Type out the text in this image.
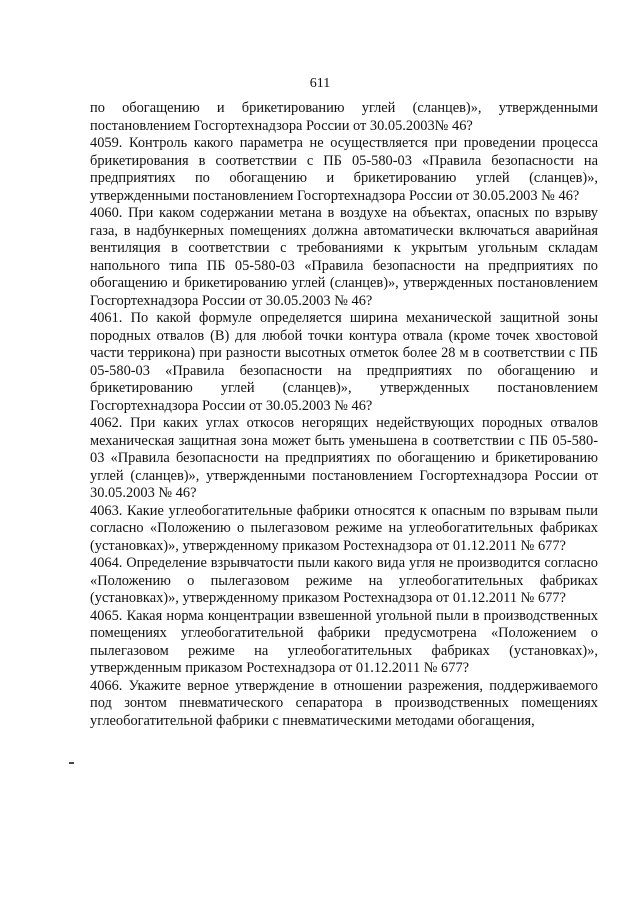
611

по обогащению и брикетированию углей (сланцев)», утвержденными постановлением Госгортехнадзора России от 30.05.2003№ 46?

4059. Контроль какого параметра не осуществляется при проведении процесса брикетирования в соответствии с ПБ 05-580-03 «Правила безопасности на предприятиях по обогащению и брикетированию углей (сланцев)», утвержденными постановлением Госгортехнадзора России от 30.05.2003 № 46?

4060. При каком содержании метана в воздухе на объектах, опасных по взрыву газа, в надбункерных помещениях должна автоматически включаться аварийная вентиляция в соответствии с требованиями к укрытым угольным складам напольного типа ПБ 05-580-03 «Правила безопасности на предприятиях по обогащению и брикетированию углей (сланцев)», утвержденных постановлением Госгортехнадзора России от 30.05.2003 № 46?

4061. По какой формуле определяется ширина механической защитной зоны породных отвалов (В) для любой точки контура отвала (кроме точек хвостовой части терриконa) при разности высотных отметок более 28 м в соответствии с ПБ 05-580-03 «Правила безопасности на предприятиях по обогащению и брикетированию углей (сланцев)», утвержденных постановлением Госгортехнадзора России от 30.05.2003 № 46?

4062. При каких углах откосов негорящих недействующих породных отвалов механическая защитная зона может быть уменьшена в соответствии с ПБ 05-580-03 «Правила безопасности на предприятиях по обогащению и брикетированию углей (сланцев)», утвержденными постановлением Госгортехнадзора России от 30.05.2003 № 46?

4063. Какие углеобогатительные фабрики относятся к опасным по взрывам пыли согласно «Положению о пылегазовом режиме на углеобогатительных фабриках (установках)», утвержденному приказом Ростехнадзора от 01.12.2011 № 677?

4064. Определение взрывчатости пыли какого вида угля не производится согласно «Положению о пылегазовом режиме на углеобогатительных фабриках (установках)», утвержденному приказом Ростехнадзора от 01.12.2011 № 677?

4065. Какая норма концентрации взвешенной угольной пыли в производственных помещениях углеобогатительной фабрики предусмотрена «Положением о пылегазовом режиме на углеобогатительных фабриках (установках)», утвержденным приказом Ростехнадзора от 01.12.2011 № 677?

4066. Укажите верное утверждение в отношении разрежения, поддерживаемого под зонтом пневматического сепаратора в производственных помещениях углеобогатительной фабрики с пневматическими методами обогащения,
